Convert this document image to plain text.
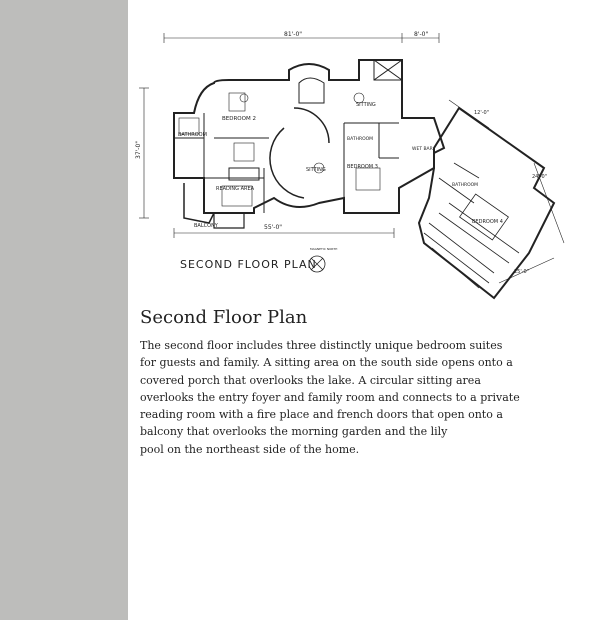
81'-0"	8'-0"
37'-0"
55'-0"
12'-0"
24'-0"
25'-0"
BEDROOM 2
BATHROOM
READING AREA
BALCONY
SITTING
SITTING	BEDROOM 3
BATHROOM
WET BAR
BEDROOM 4
BATHROOM
SECOND FLOOR PLAN
MAGNETIC NORTH
Second Floor Plan
The second floor includes three distinctly unique bedroom suites
for guests and family. A sitting area on the south side opens onto a
covered porch that overlooks the lake. A circular sitting area
overlooks the entry foyer and family room and connects to a private
reading room with a fire place and french doors that open onto a
balcony that overlooks the morning garden and the lily
pool on the northeast side of the home.
